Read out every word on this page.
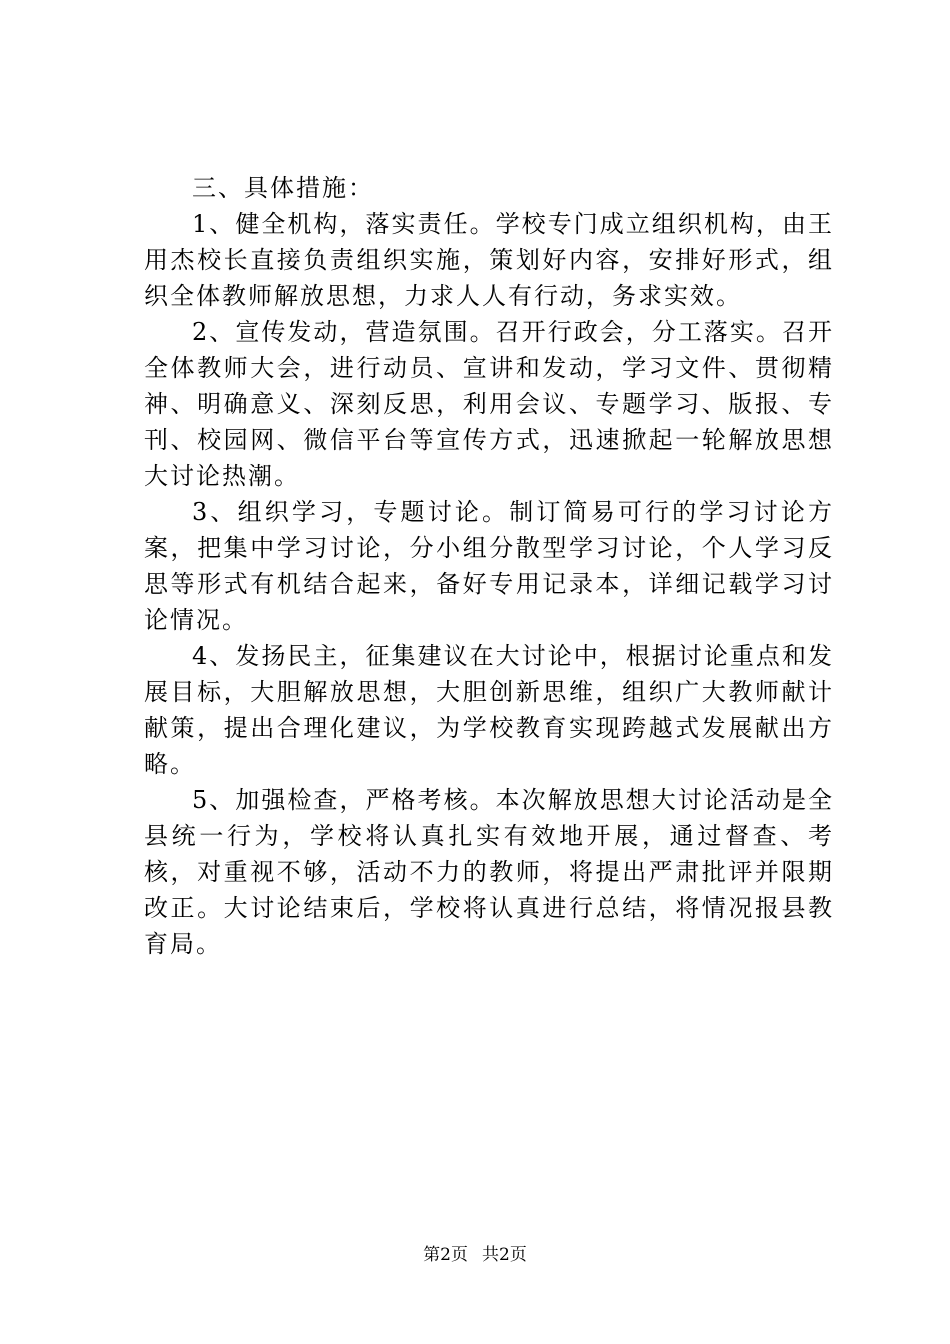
三、具体措施：

1、健全机构，落实责任。学校专门成立组织机构，由王用杰校长直接负责组织实施，策划好内容，安排好形式，组织全体教师解放思想，力求人人有行动，务求实效。

2、宣传发动，营造氛围。召开行政会，分工落实。召开全体教师大会，进行动员、宣讲和发动，学习文件、贯彻精神、明确意义、深刻反思，利用会议、专题学习、版报、专刊、校园网、微信平台等宣传方式，迅速掀起一轮解放思想大讨论热潮。

3、组织学习，专题讨论。制订简易可行的学习讨论方案，把集中学习讨论，分小组分散型学习讨论，个人学习反思等形式有机结合起来，备好专用记录本，详细记载学习讨论情况。

4、发扬民主，征集建议在大讨论中，根据讨论重点和发展目标，大胆解放思想，大胆创新思维，组织广大教师献计献策，提出合理化建议，为学校教育实现跨越式发展献出方略。

5、加强检查，严格考核。本次解放思想大讨论活动是全县统一行为，学校将认真扎实有效地开展，通过督查、考核，对重视不够，活动不力的教师，将提出严肃批评并限期改正。大讨论结束后，学校将认真进行总结，将情况报县教育局。

第2页 共2页
